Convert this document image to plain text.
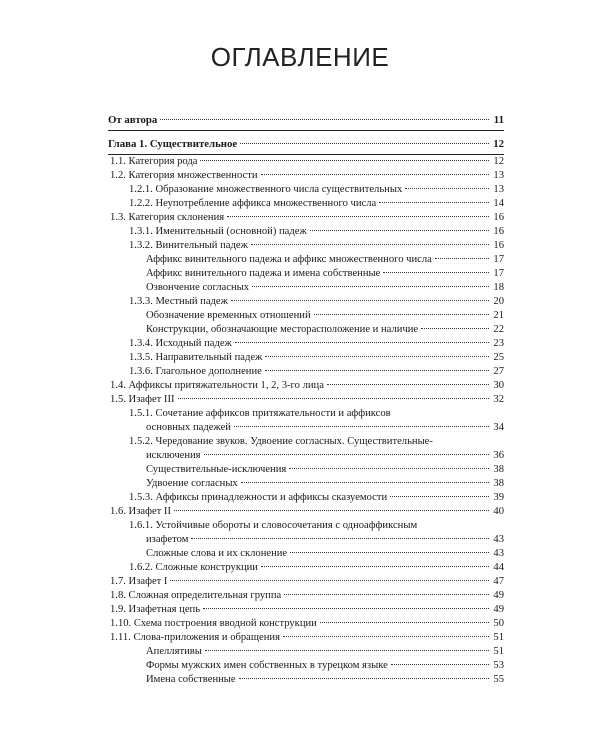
ОГЛАВЛЕНИЕ
От автора	11
Глава 1. Существительное	12
1.1. Категория рода	12
1.2. Категория множественности	13
1.2.1. Образование множественного числа существительных	13
1.2.2. Неупотребление аффикса множественного числа	14
1.3. Категория склонения	16
1.3.1. Именительный (основной) падеж	16
1.3.2. Винительный падеж	16
Аффикс винительного падежа и аффикс множественного числа	17
Аффикс винительного падежа и имена собственные	17
Озвончение согласных	18
1.3.3. Местный падеж	20
Обозначение временных отношений	21
Конструкции, обозначающие месторасположение и наличие	22
1.3.4. Исходный падеж	23
1.3.5. Направительный падеж	25
1.3.6. Глагольное дополнение	27
1.4. Аффиксы притяжательности 1, 2, 3-го лица	30
1.5. Изафет III	32
1.5.1. Сочетание аффиксов притяжательности и аффиксов
основных падежей	34
1.5.2. Чередование звуков. Удвоение согласных. Существительные-
исключения	36
Существительные-исключения	38
Удвоение согласных	38
1.5.3. Аффиксы принадлежности и аффиксы сказуемости	39
1.6. Изафет II	40
1.6.1. Устойчивые обороты и словосочетания с одноаффиксным
изафетом	43
Сложные слова и их склонение	43
1.6.2. Сложные конструкции	44
1.7. Изафет I	47
1.8. Сложная определительная группа	49
1.9. Изафетная цепь	49
1.10. Схема построения вводной конструкции	50
1.11. Слова-приложения и обращения	51
Апеллятивы	51
Формы мужских имен собственных в турецком языке	53
Имена собственные	55
